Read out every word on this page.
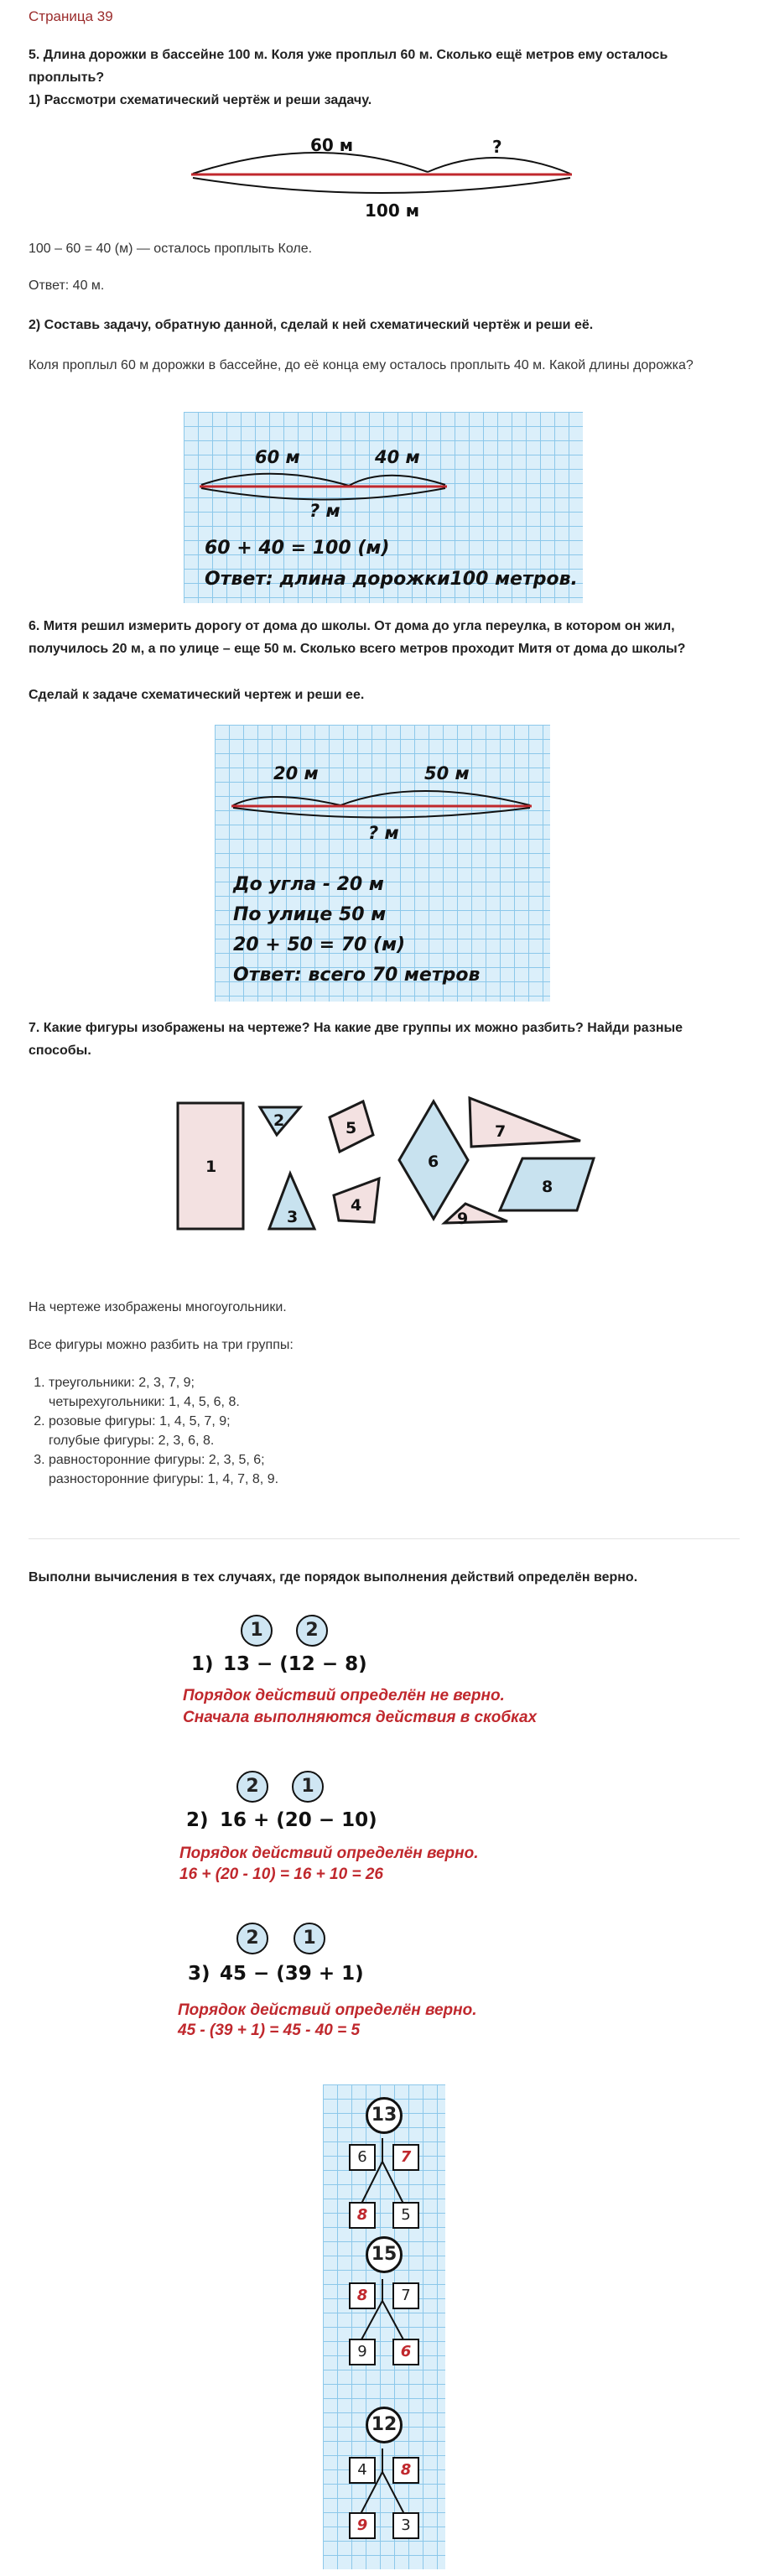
Страница 39
5. Длина дорожки в бассейне 100 м. Коля уже проплыл 60 м. Сколько ещё метров ему осталось проплыть?
1) Рассмотри схематический чертёж и реши задачу.
60 м	?
100 м
100 – 60 = 40 (м) — осталось проплыть Коле.
Ответ: 40 м.
2) Составь задачу, обратную данной, сделай к ней схематический чертёж и реши её.
Коля проплыл 60 м дорожки в бассейне, до её конца ему осталось проплыть 40 м. Какой длины дорожка?
60 м	40 м
? м
60 + 40 = 100 (м)
Ответ: длина дорожки100 метров.
6. Митя решил измерить дорогу от дома до школы. От дома до угла переулка, в котором он жил, получилось 20 м, а по улице – еще 50 м. Сколько всего метров проходит Митя от дома до школы?
Сделай к задаче схематический чертеж и реши ее.
20 м	50 м
? м
До угла - 20 м
По улице 50 м
20 + 50 = 70 (м)
Ответ: всего 70 метров
7. Какие фигуры изображены на чертеже? На какие две группы их можно разбить? Найди разные способы.
1
2
3
4
5
6
7
8
9
На чертеже изображены многоугольники.
Все фигуры можно разбить на три группы:
1. треугольники: 2, 3, 7, 9;
четырехугольники: 1, 4, 5, 6, 8.
2. розовые фигуры: 1, 4, 5, 7, 9;
голубые фигуры: 2, 3, 6, 8.
3. равносторонние фигуры: 2, 3, 5, 6;
разносторонние фигуры: 1, 4, 7, 8, 9.
Выполни вычисления в тех случаях, где порядок выполнения действий определён верно.
1	2
1) 13 − (12 − 8)
Порядок действий определён не верно.
Сначала выполняются действия в скобках
2	1
2) 16 + (20 − 10)
Порядок действий определён верно.
16 + (20 - 10) = 16 + 10 = 26
2	1
3) 45 − (39 + 1)
Порядок действий определён верно.
45 - (39 + 1) = 45 - 40 = 5
13
6	7
8	5
15
8	7
9	6
12
4	8
9	3
